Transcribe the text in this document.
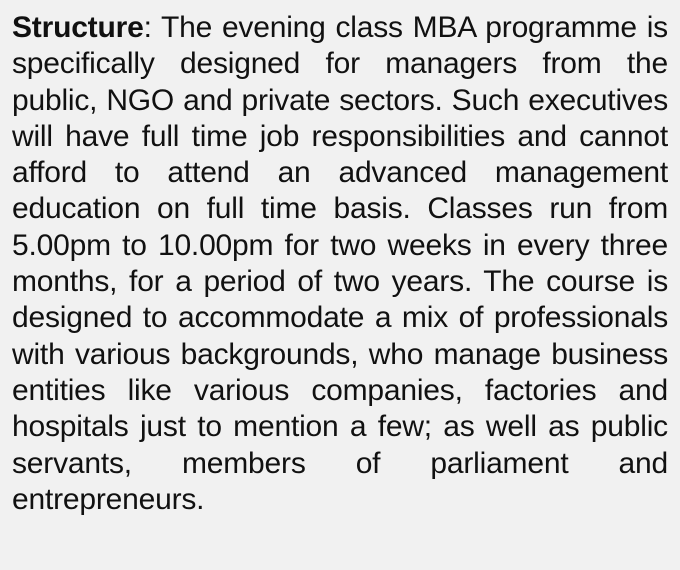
Structure: The evening class MBA programme is specifically designed for managers from the public, NGO and private sectors. Such executives will have full time job responsibilities and cannot afford to attend an advanced management education on full time basis. Classes run from 5.00pm to 10.00pm for two weeks in every three months, for a period of two years. The course is designed to accommodate a mix of professionals with various backgrounds, who manage business entities like various companies, factories and hospitals just to mention a few; as well as public servants, members of parliament and entrepreneurs.
